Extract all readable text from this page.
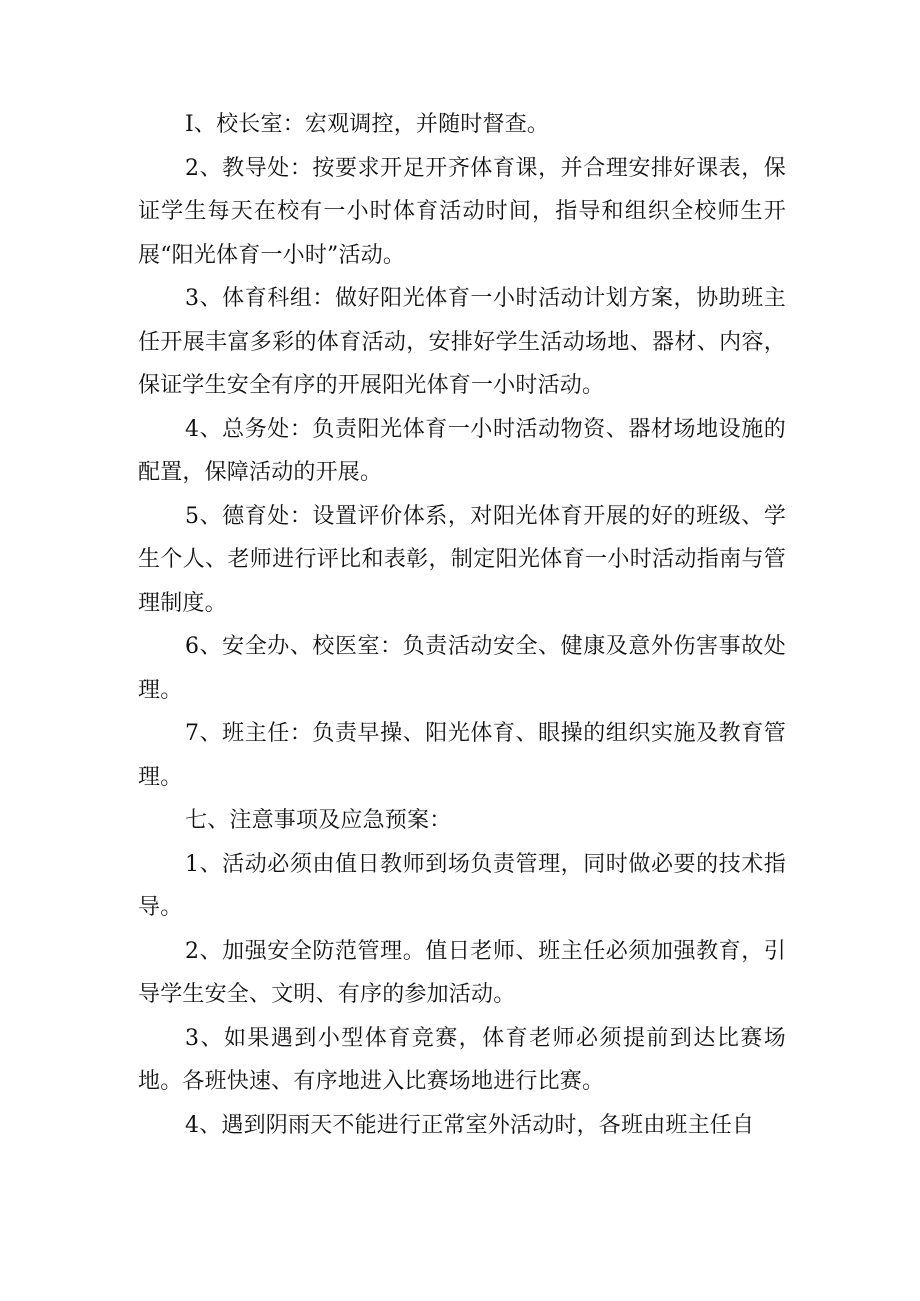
I、校长室：宏观调控，并随时督查。

2、教导处：按要求开足开齐体育课，并合理安排好课表，保证学生每天在校有一小时体育活动时间，指导和组织全校师生开展“阳光体育一小时”活动。

3、体育科组：做好阳光体育一小时活动计划方案，协助班主任开展丰富多彩的体育活动，安排好学生活动场地、器材、内容，保证学生安全有序的开展阳光体育一小时活动。

4、总务处：负责阳光体育一小时活动物资、器材场地设施的配置，保障活动的开展。

5、德育处：设置评价体系，对阳光体育开展的好的班级、学生个人、老师进行评比和表彰，制定阳光体育一小时活动指南与管理制度。

6、安全办、校医室：负责活动安全、健康及意外伤害事故处理。

7、班主任：负责早操、阳光体育、眼操的组织实施及教育管理。

七、注意事项及应急预案：

1、活动必须由值日教师到场负责管理，同时做必要的技术指导。

2、加强安全防范管理。值日老师、班主任必须加强教育，引导学生安全、文明、有序的参加活动。

3、如果遇到小型体育竞赛，体育老师必须提前到达比赛场地。各班快速、有序地进入比赛场地进行比赛。

4、遇到阴雨天不能进行正常室外活动时，各班由班主任自
